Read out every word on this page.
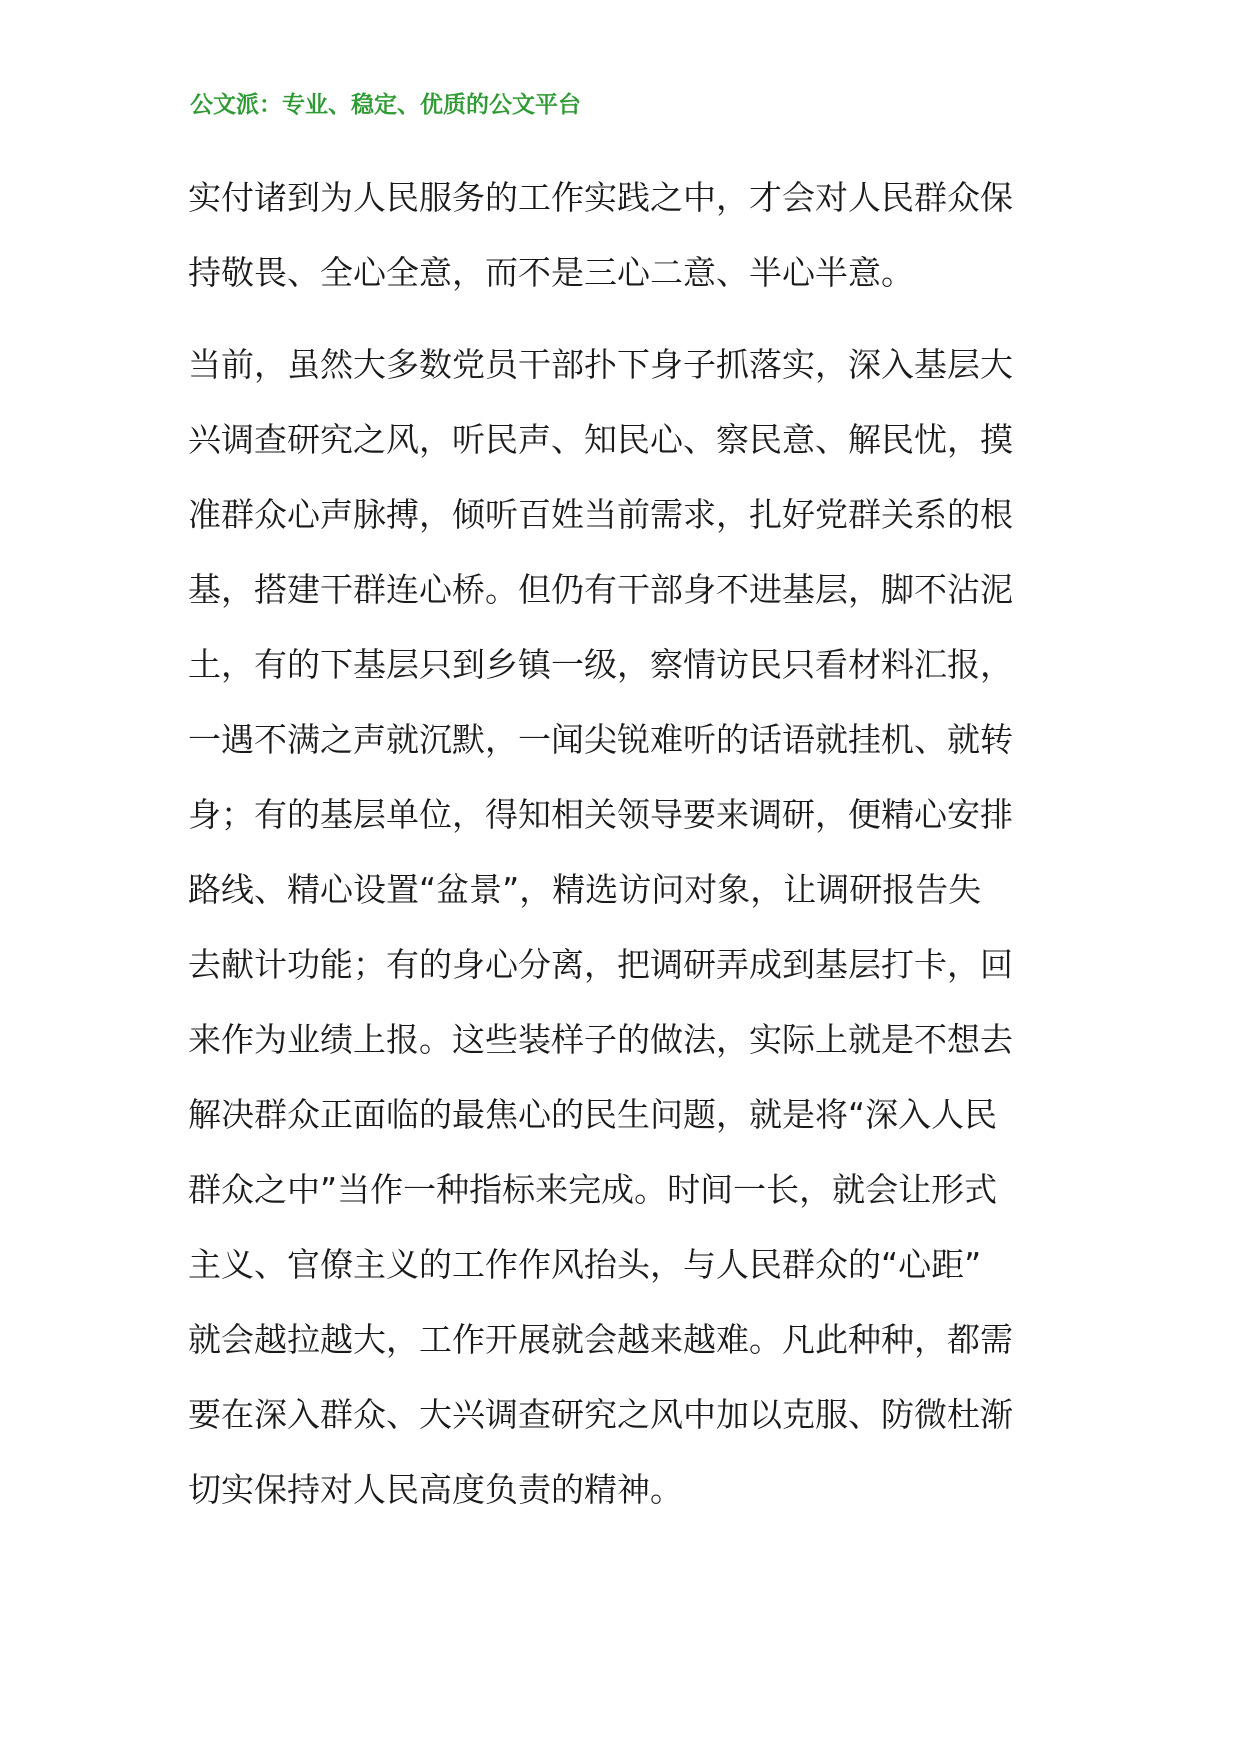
公文派：专业、稳定、优质的公文平台
实付诸到为人民服务的工作实践之中，才会对人民群众保
持敬畏、全心全意，而不是三心二意、半心半意。
当前，虽然大多数党员干部扑下身子抓落实，深入基层大
兴调查研究之风，听民声、知民心、察民意、解民忧，摸
准群众心声脉搏，倾听百姓当前需求，扎好党群关系的根
基，搭建干群连心桥。但仍有干部身不进基层，脚不沾泥
土，有的下基层只到乡镇一级，察情访民只看材料汇报，
一遇不满之声就沉默，一闻尖锐难听的话语就挂机、就转
身；有的基层单位，得知相关领导要来调研，便精心安排
路线、精心设置“盆景”，精选访问对象，让调研报告失
去献计功能；有的身心分离，把调研弄成到基层打卡，回
来作为业绩上报。这些装样子的做法，实际上就是不想去
解决群众正面临的最焦心的民生问题，就是将“深入人民
群众之中”当作一种指标来完成。时间一长，就会让形式
主义、官僚主义的工作作风抬头，与人民群众的“心距”
就会越拉越大，工作开展就会越来越难。凡此种种，都需
要在深入群众、大兴调查研究之风中加以克服、防微杜渐
切实保持对人民高度负责的精神。
